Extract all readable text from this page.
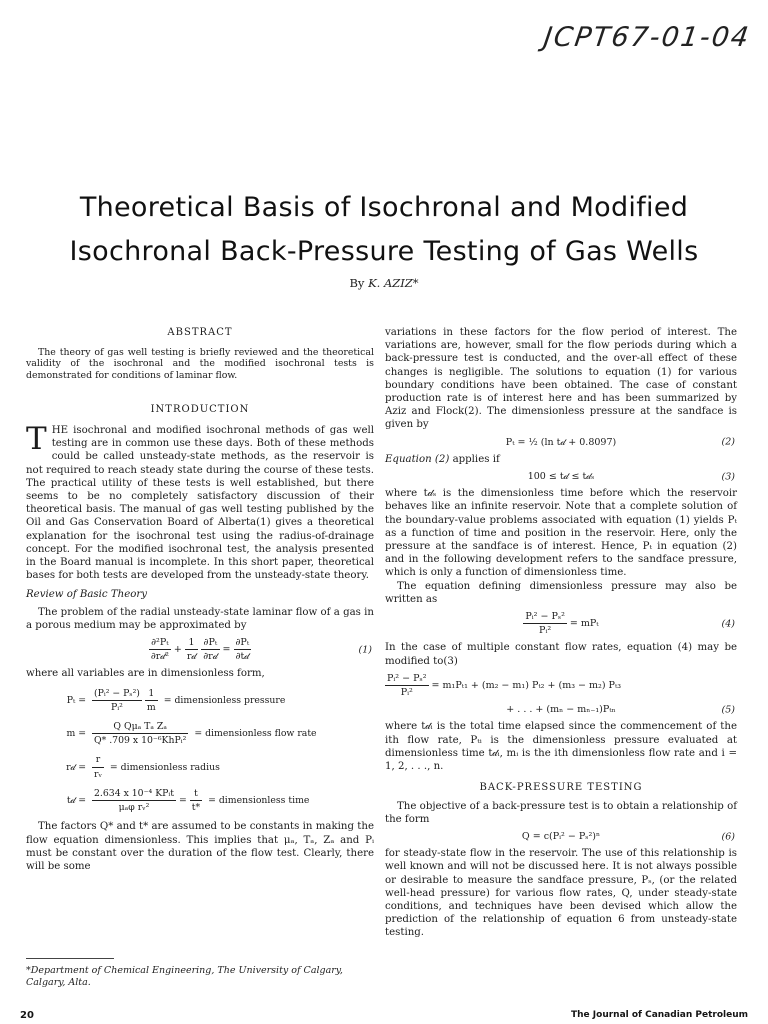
JCPT67-01-04
Theoretical Basis of Isochronal and Modified
Isochronal Back-Pressure Testing of Gas Wells
By K. AZIZ*
ABSTRACT

The theory of gas well testing is briefly reviewed and the theoretical validity of the isochronal and the modified isochronal tests is demonstrated for conditions of laminar flow.

INTRODUCTION

THE isochronal and modified isochronal methods of gas well testing are in common use these days. Both of these methods could be called unsteady-state methods, as the reservoir is not required to reach steady state during the course of these tests. The practical utility of these tests is well established, but there seems to be no completely satisfactory discussion of their theoretical basis. The manual of gas well testing published by the Oil and Gas Conservation Board of Alberta(1) gives a theoretical explanation for the isochronal test using the radius-of-drainage concept. For the modified isochronal test, the analysis presented in the Board manual is incomplete. In this short paper, theoretical bases for both tests are developed from the unsteady-state theory.

Review of Basic Theory

The problem of the radial unsteady-state laminar flow of a gas in a porous medium may be approximated by

$\frac{\text{∂²Pₜ}}{\text{∂r𝒹²}} + \frac{1}{\text{r𝒹}}$
$\frac{\text{∂Pₜ}}{\text{∂r𝒹}} = \frac{\text{∂Pₜ}}{\text{∂t𝒹}}$	(1)

where all variables are in dimensionless form,

$P_t = \frac{\text{(Pᵢ² − Pₛ²)}}{\text{Pᵢ²}}$
$\frac{1}{m}$ = dimensionless pressure
$m = \frac{\text{Q Qμₐ Tₐ Zₐ}}{\text{Q* .709 x 10⁻⁶KhPᵢ²}}$ = dimensionless flow rate
r𝒹 = $\frac{r}{\text{rᵥ}}$ = dimensionless radius
t𝒹 = $\frac{\text{2.634 x 10⁻⁴ KPᵢt}}{\text{μₐφ rᵥ²}} = \frac{t}{t*}$ = dimensionless time

The factors Q* and t* are assumed to be constants in making the flow equation dimensionless. This implies that μₐ, Tₐ, Zₐ and Pᵢ must be constant over the duration of the flow test. Clearly, there will be some

*Department of Chemical Engineering, The University of Calgary, Calgary, Alta.

variations in these factors for the flow period of interest. The variations are, however, small for the flow periods during which a back-pressure test is conducted, and the over-all effect of these changes is negligible. The solutions to equation (1) for various boundary conditions have been obtained. The case of constant production rate is of interest here and has been summarized by Aziz and Flock(2). The dimensionless pressure at the sandface is given by

Pₜ = ½ (ln t𝒹 + 0.8097)	(2)

Equation (2) applies if

100 ≤ t𝒹 ≤ t𝒹ₛ	(3)

where t𝒹ₛ is the dimensionless time before which the reservoir behaves like an infinite reservoir. Note that a complete solution of the boundary-value problems associated with equation (1) yields Pₜ as a function of time and position in the reservoir. Here, only the pressure at the sandface is of interest. Hence, Pₜ in equation (2) and in the following development refers to the sandface pressure, which is only a function of dimensionless time.

The equation defining dimensionless pressure may also be written as

$\frac{\text{Pᵢ² − Pₛ²}}{\text{Pᵢ²}} = mP_t$	(4)

In the case of multiple constant flow rates, equation (4) may be modified to(3)

$\frac{\text{Pᵢ² − Pₛ²}}{\text{Pᵢ²}} = m_1P_{t1} + (m_2 - m_1) P_{t2} + (m_3 - m_2)$ Pₜ₃
+ . . . + (mₙ − mₙ₋₁)Pₜₙ	(5)

where t𝒹ᵢ is the total time elapsed since the commencement of the ith flow rate, Pₜᵢ is the dimensionless pressure evaluated at dimensionless time t𝒹ᵢ, mᵢ is the ith dimensionless flow rate and i = 1, 2, . . ., n.

BACK-PRESSURE TESTING

The objective of a back-pressure test is to obtain a relationship of the form

Q = c(Pᵢ² − Pₛ²)ⁿ	(6)

for steady-state flow in the reservoir. The use of this relationship is well known and will not be discussed here. It is not always possible or desirable to measure the sandface pressure, Pₛ, (or the related well-head pressure) for various flow rates, Q, under steady-state conditions, and techniques have been devised which allow the prediction of the relationship of equation 6 from unsteady-state testing.

20	The Journal of Canadian Petroleum
